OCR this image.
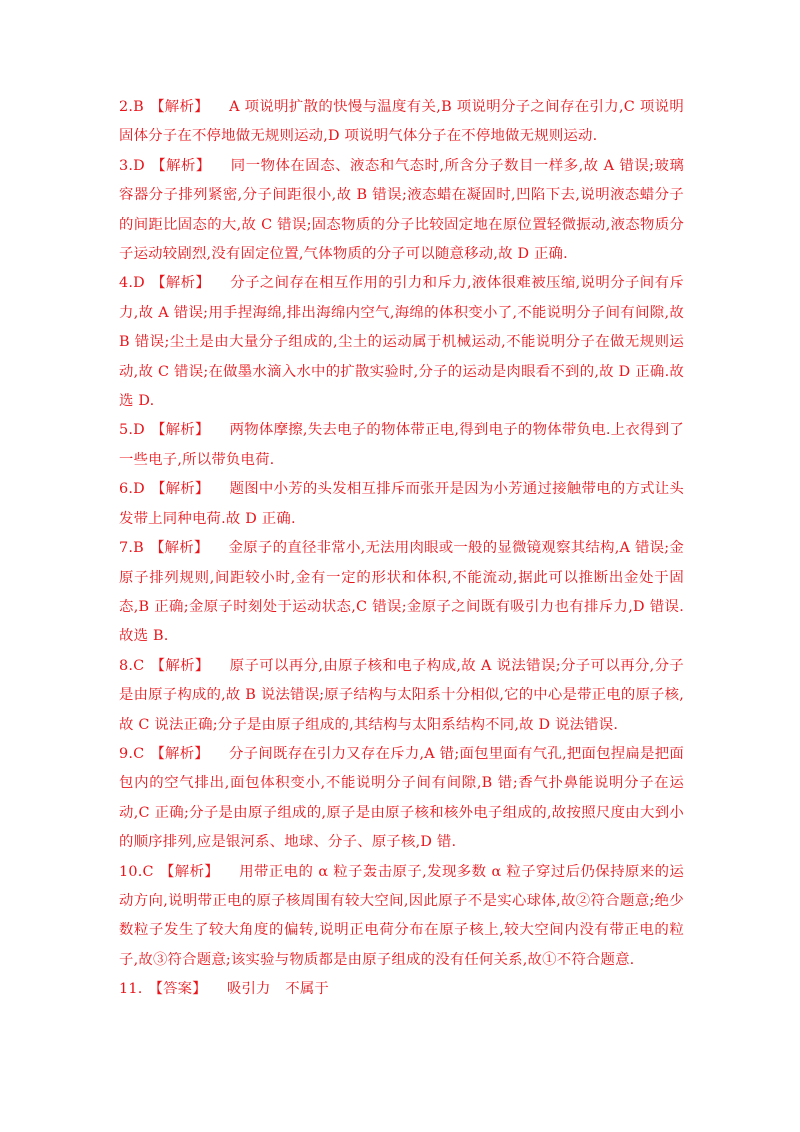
2.B 【解析】 A 项说明扩散的快慢与温度有关,B 项说明分子之间存在引力,C 项说明固体分子在不停地做无规则运动,D 项说明气体分子在不停地做无规则运动.

3.D 【解析】 同一物体在固态、液态和气态时,所含分子数目一样多,故 A 错误;玻璃容器分子排列紧密,分子间距很小,故 B 错误;液态蜡在凝固时,凹陷下去,说明液态蜡分子的间距比固态的大,故 C 错误;固态物质的分子比较固定地在原位置轻微振动,液态物质分子运动较剧烈,没有固定位置,气体物质的分子可以随意移动,故 D 正确.

4.D 【解析】 分子之间存在相互作用的引力和斥力,液体很难被压缩,说明分子间有斥力,故 A 错误;用手捏海绵,排出海绵内空气,海绵的体积变小了,不能说明分子间有间隙,故 B 错误;尘土是由大量分子组成的,尘土的运动属于机械运动,不能说明分子在做无规则运动,故 C 错误;在做墨水滴入水中的扩散实验时,分子的运动是肉眼看不到的,故 D 正确.故选 D.

5.D 【解析】 两物体摩擦,失去电子的物体带正电,得到电子的物体带负电.上衣得到了一些电子,所以带负电荷.

6.D 【解析】 题图中小芳的头发相互排斥而张开是因为小芳通过接触带电的方式让头发带上同种电荷.故 D 正确.

7.B 【解析】 金原子的直径非常小,无法用肉眼或一般的显微镜观察其结构,A 错误;金原子排列规则,间距较小时,金有一定的形状和体积,不能流动,据此可以推断出金处于固态,B 正确;金原子时刻处于运动状态,C 错误;金原子之间既有吸引力也有排斥力,D 错误.故选 B.

8.C 【解析】 原子可以再分,由原子核和电子构成,故 A 说法错误;分子可以再分,分子是由原子构成的,故 B 说法错误;原子结构与太阳系十分相似,它的中心是带正电的原子核,故 C 说法正确;分子是由原子组成的,其结构与太阳系结构不同,故 D 说法错误.

9.C 【解析】 分子间既存在引力又存在斥力,A 错;面包里面有气孔,把面包捏扁是把面包内的空气排出,面包体积变小,不能说明分子间有间隙,B 错;香气扑鼻能说明分子在运动,C 正确;分子是由原子组成的,原子是由原子核和核外电子组成的,故按照尺度由大到小的顺序排列,应是银河系、地球、分子、原子核,D 错.

10.C 【解析】 用带正电的 α 粒子轰击原子,发现多数 α 粒子穿过后仍保持原来的运动方向,说明带正电的原子核周围有较大空间,因此原子不是实心球体,故②符合题意;绝少数粒子发生了较大角度的偏转,说明正电荷分布在原子核上,较大空间内没有带正电的粒子,故③符合题意;该实验与物质都是由原子组成的没有任何关系,故①不符合题意.

11. 【答案】 吸引力　不属于
